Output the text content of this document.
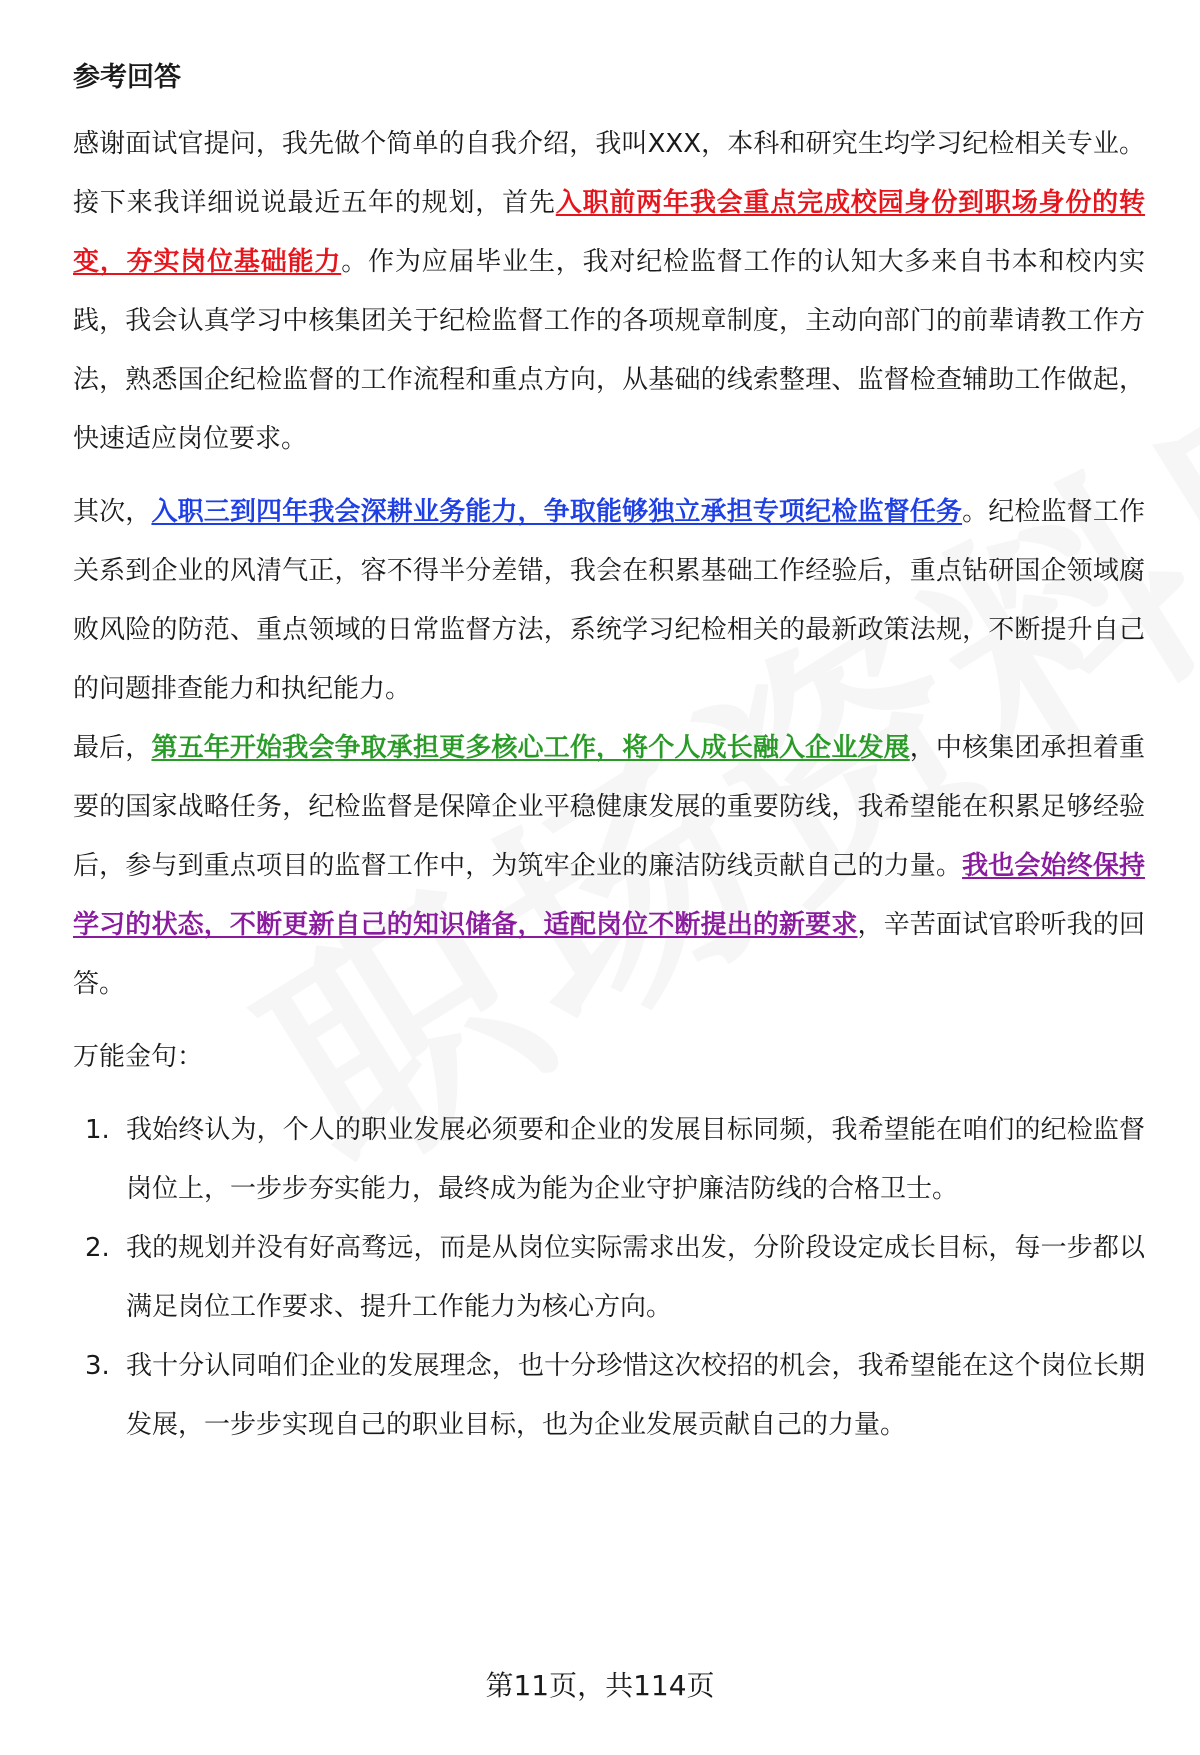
参考回答

感谢面试官提问，我先做个简单的自我介绍，我叫XXX，本科和研究生均学习纪检相关专业。接下来我详细说说最近五年的规划，首先入职前两年我会重点完成校园身份到职场身份的转变，夯实岗位基础能力。作为应届毕业生，我对纪检监督工作的认知大多来自书本和校内实践，我会认真学习中核集团关于纪检监督工作的各项规章制度，主动向部门的前辈请教工作方法，熟悉国企纪检监督的工作流程和重点方向，从基础的线索整理、监督检查辅助工作做起，快速适应岗位要求。

其次，入职三到四年我会深耕业务能力，争取能够独立承担专项纪检监督任务。纪检监督工作关系到企业的风清气正，容不得半分差错，我会在积累基础工作经验后，重点钻研国企领域腐败风险的防范、重点领域的日常监督方法，系统学习纪检相关的最新政策法规，不断提升自己的问题排查能力和执纪能力。

最后，第五年开始我会争取承担更多核心工作，将个人成长融入企业发展，中核集团承担着重要的国家战略任务，纪检监督是保障企业平稳健康发展的重要防线，我希望能在积累足够经验后，参与到重点项目的监督工作中，为筑牢企业的廉洁防线贡献自己的力量。我也会始终保持学习的状态，不断更新自己的知识储备，适配岗位不断提出的新要求，辛苦面试官聆听我的回答。

万能金句：
1. 我始终认为，个人的职业发展必须要和企业的发展目标同频，我希望能在咱们的纪检监督岗位上，一步步夯实能力，最终成为能为企业守护廉洁防线的合格卫士。
2. 我的规划并没有好高骛远，而是从岗位实际需求出发，分阶段设定成长目标，每一步都以满足岗位工作要求、提升工作能力为核心方向。
3. 我十分认同咱们企业的发展理念，也十分珍惜这次校招的机会，我希望能在这个岗位长期发展，一步步实现自己的职业目标，也为企业发展贡献自己的力量。
第11页，共114页
